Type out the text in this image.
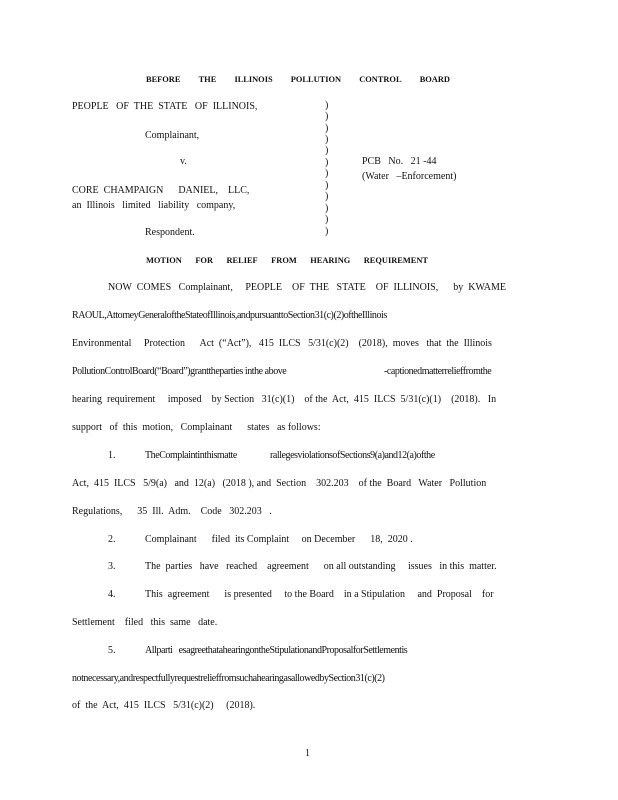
BEFORE THE ILLINOIS POLLUTION CONTROL BOARD
PEOPLE   OF  THE  STATE   OF  ILLINOIS,
Complainant,
v.
CORE  CHAMPAIGN      DANIEL,    LLC,
an  Illinois   limited   liability   company,
Respondent.
)
)
)
)
)
)
)
)
)
)
)
)
PCB   No.   21 -44
(Water   –Enforcement)
MOTION FOR RELIEF FROM HEARING REQUIREMENT
NOW  COMES   Complainant,     PEOPLE    OF  THE   STATE    OF  ILLINOIS,      by  KWAME
RAOUL,AttorneyGeneraloftheStateofIllinois,andpursuanttoSection31(c)(2)oftheIllinois
Environmental     Protection      Act  (“Act”),   415  ILCS   5/31(c)(2)    (2018),  moves   that  the  Illinois
PollutionControlBoard(“Board”)granttheparties inthe above	-captionedmatterrelieffromthe
hearing  requirement     imposed    by Section   31(c)(1)    of the  Act,  415  ILCS  5/31(c)(1)    (2018).   In
support   of  this  motion,   Complainant      states   as follows:
1.	TheComplaintinthismatte	rallegesviolationsofSections9(a)and12(a)ofthe
Act,  415  ILCS   5/9(a)   and  12(a)   (2018 ), and  Section    302.203    of the  Board   Water   Pollution
Regulations,      35  Ill.  Adm.    Code   302.203   .
2.	Complainant      filed  its Complaint     on December      18,  2020 .
3.	The  parties   have   reached    agreement      on all outstanding     issues   in this  matter.
4.	This  agreement      is presented     to the Board    in a Stipulation     and  Proposal    for
Settlement    filed   this  same   date.
5.	Allparti   esagreethatahearingontheStipulationandProposalforSettlementis
notnecessary,andrespectfullyrequestrelieffromsuchahearingasallowedbySection31(c)(2)
of  the  Act,  415  ILCS   5/31(c)(2)     (2018).
1
